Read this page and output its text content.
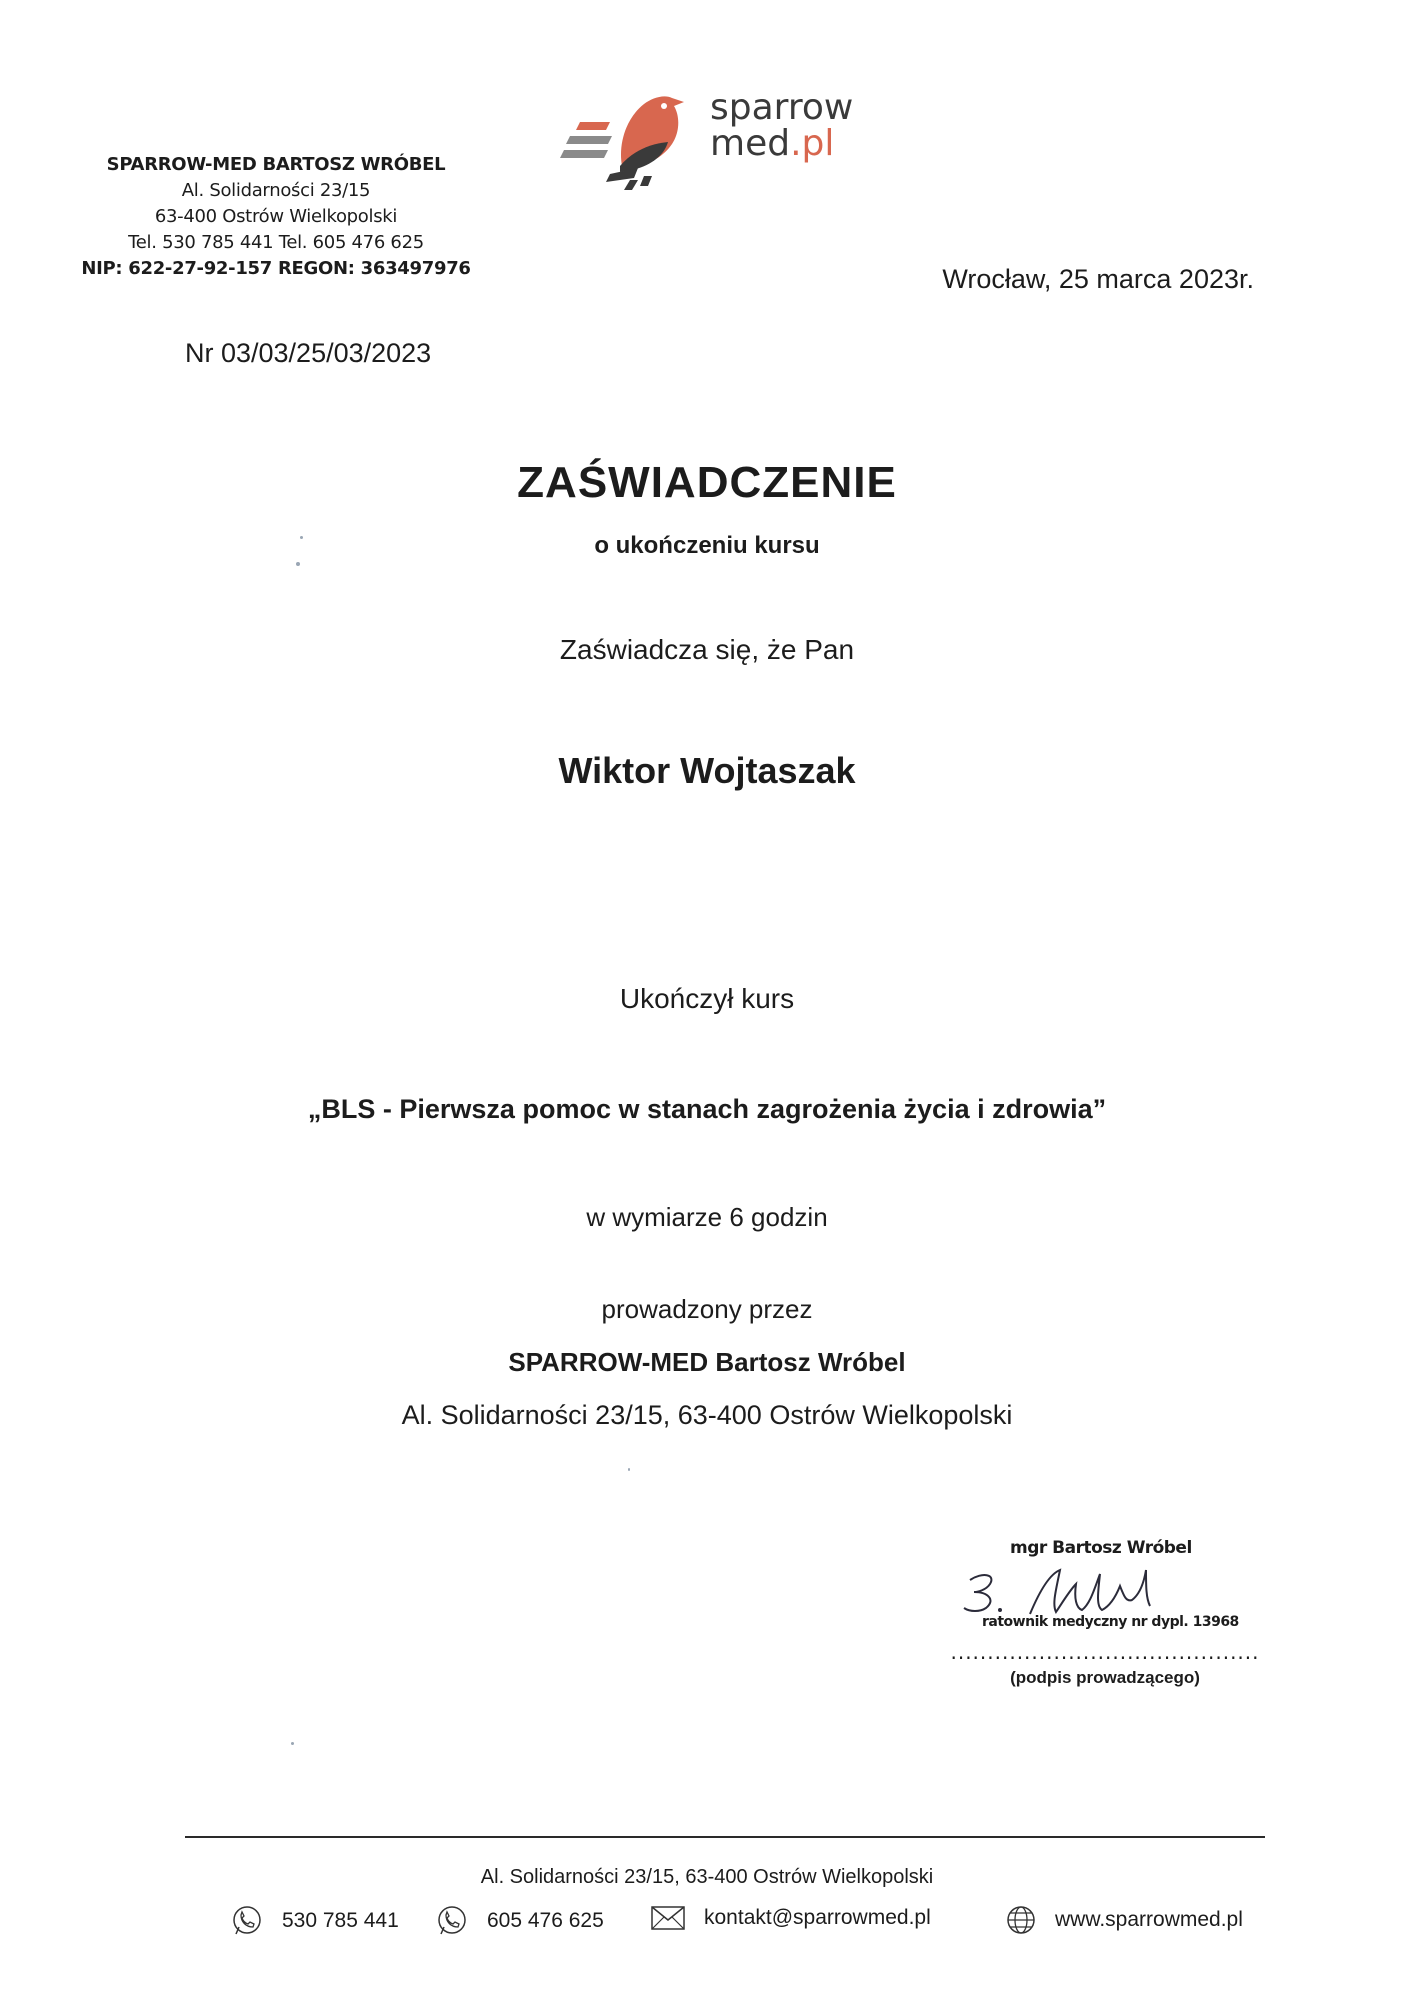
SPARROW-MED BARTOSZ WRÓBEL
Al. Solidarności 23/15
63-400 Ostrów Wielkopolski
Tel. 530 785 441 Tel. 605 476 625
NIP: 622-27-92-157 REGON: 363497976
sparrow
med.pl
Wrocław, 25 marca 2023r.
Nr 03/03/25/03/2023
ZAŚWIADCZENIE
o ukończeniu kursu
Zaświadcza się, że Pan
Wiktor Wojtaszak
Ukończył kurs
„BLS - Pierwsza pomoc w stanach zagrożenia życia i zdrowia”
w wymiarze 6 godzin
prowadzony przez
SPARROW-MED Bartosz Wróbel
Al. Solidarności 23/15, 63-400 Ostrów Wielkopolski
mgr Bartosz Wróbel
ratownik medyczny nr dypl. 13968
..........................................
(podpis prowadzącego)
Al. Solidarności 23/15, 63-400 Ostrów Wielkopolski
530 785 441	605 476 625	kontakt@sparrowmed.pl	www.sparrowmed.pl
